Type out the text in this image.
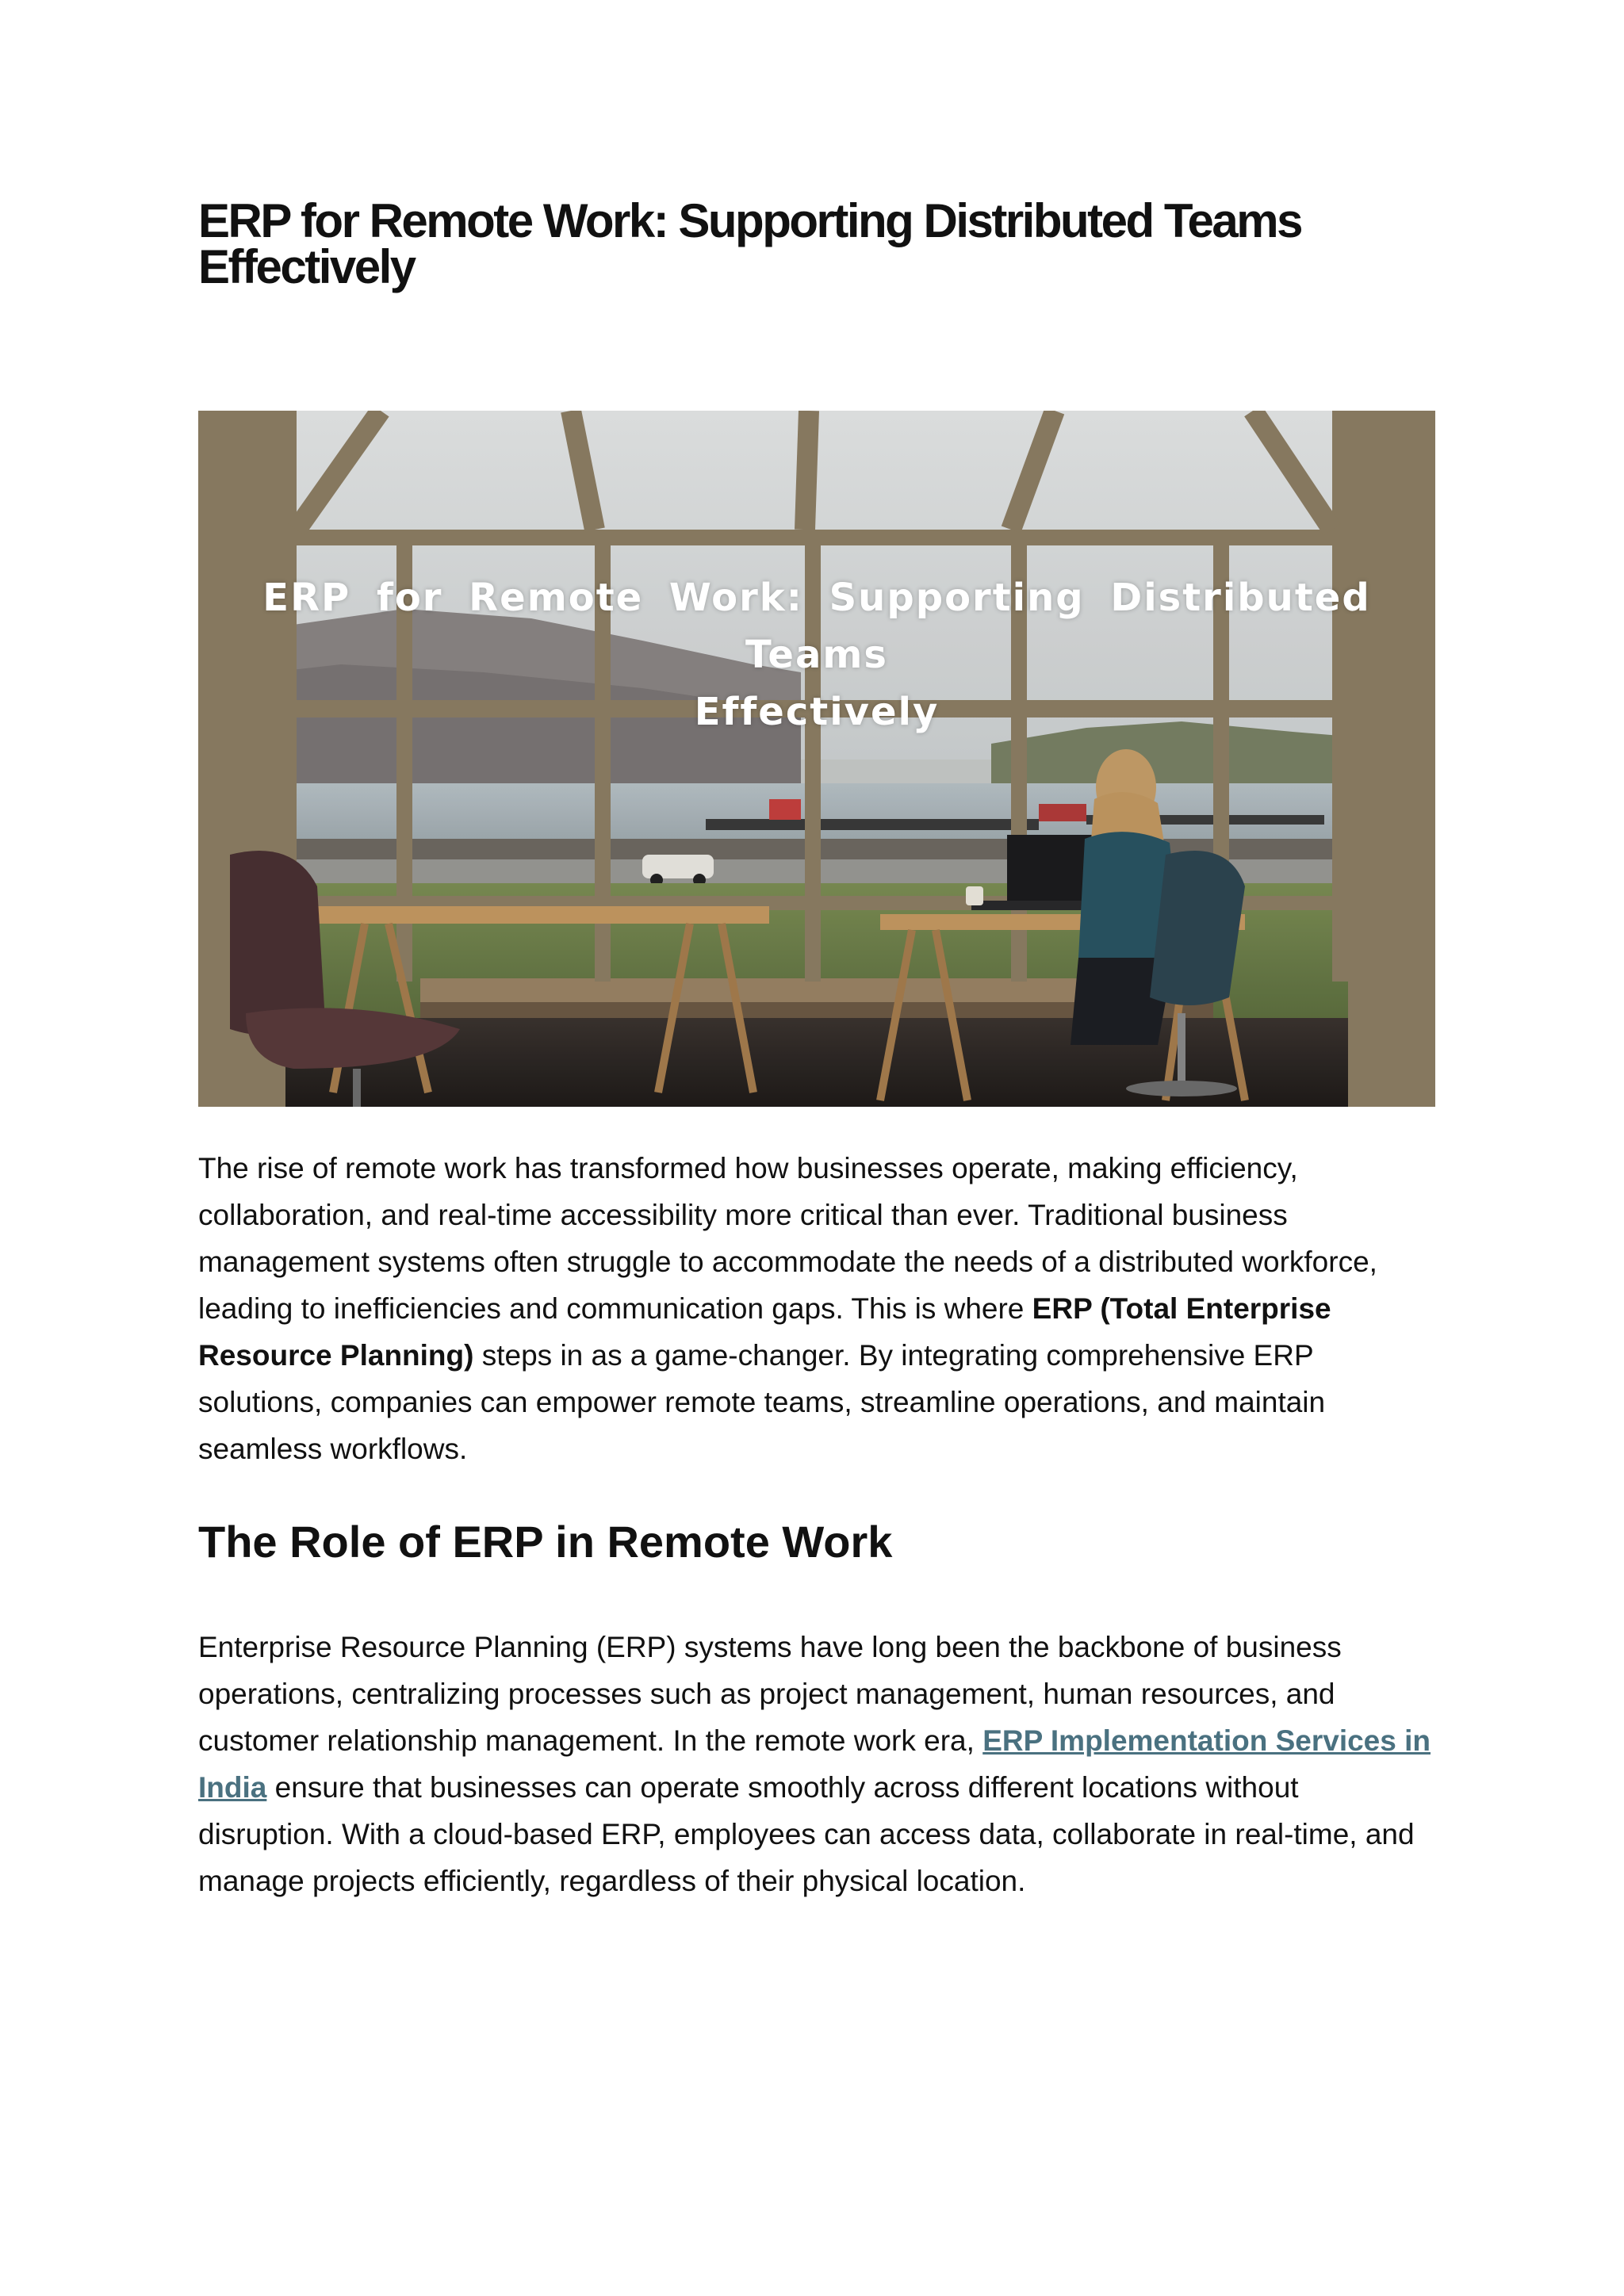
ERP for Remote Work: Supporting Distributed Teams Effectively
ERP for Remote Work: Supporting Distributed Teams
Effectively

The rise of remote work has transformed how businesses operate, making efficiency, collaboration, and real-time accessibility more critical than ever. Traditional business management systems often struggle to accommodate the needs of a distributed workforce, leading to inefficiencies and communication gaps. This is where ERP (Total Enterprise Resource Planning) steps in as a game-changer. By integrating comprehensive ERP solutions, companies can empower remote teams, streamline operations, and maintain seamless workflows.

The Role of ERP in Remote Work

Enterprise Resource Planning (ERP) systems have long been the backbone of business operations, centralizing processes such as project management, human resources, and customer relationship management. In the remote work era, ERP Implementation Services in India ensure that businesses can operate smoothly across different locations without disruption. With a cloud-based ERP, employees can access data, collaborate in real-time, and manage projects efficiently, regardless of their physical location.
